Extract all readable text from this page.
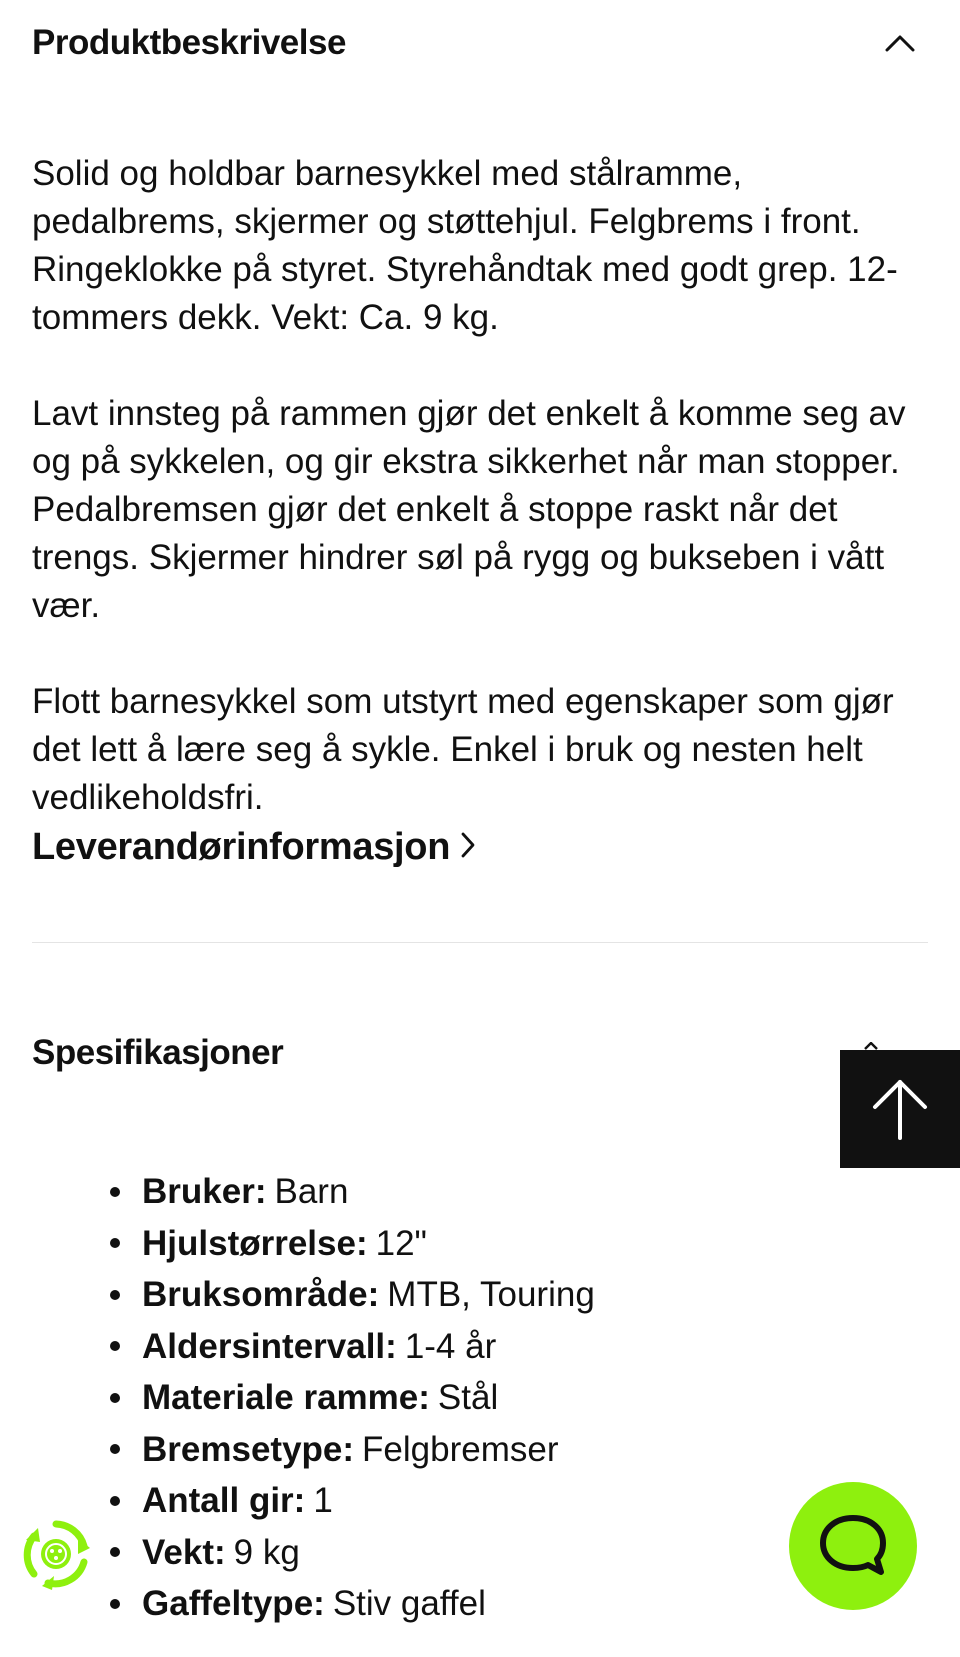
Produktbeskrivelse

Solid og holdbar barnesykkel med stålramme, pedalbrems, skjermer og støttehjul. Felgbrems i front. Ringeklokke på styret. Styrehåndtak med godt grep. 12-tommers dekk. Vekt: Ca. 9 kg.

Lavt innsteg på rammen gjør det enkelt å komme seg av og på sykkelen, og gir ekstra sikkerhet når man stopper. Pedalbremsen gjør det enkelt å stoppe raskt når det trengs. Skjermer hindrer søl på rygg og bukseben i vått vær.

Flott barnesykkel som utstyrt med egenskaper som gjør det lett å lære seg å sykle. Enkel i bruk og nesten helt vedlikeholdsfri.

Leverandørinformasjon
Spesifikasjoner
Bruker: Barn
Hjulstørrelse: 12"
Bruksområde: MTB, Touring
Aldersintervall: 1-4 år
Materiale ramme: Stål
Bremsetype: Felgbremser
Antall gir: 1
Vekt: 9 kg
Gaffeltype: Stiv gaffel
